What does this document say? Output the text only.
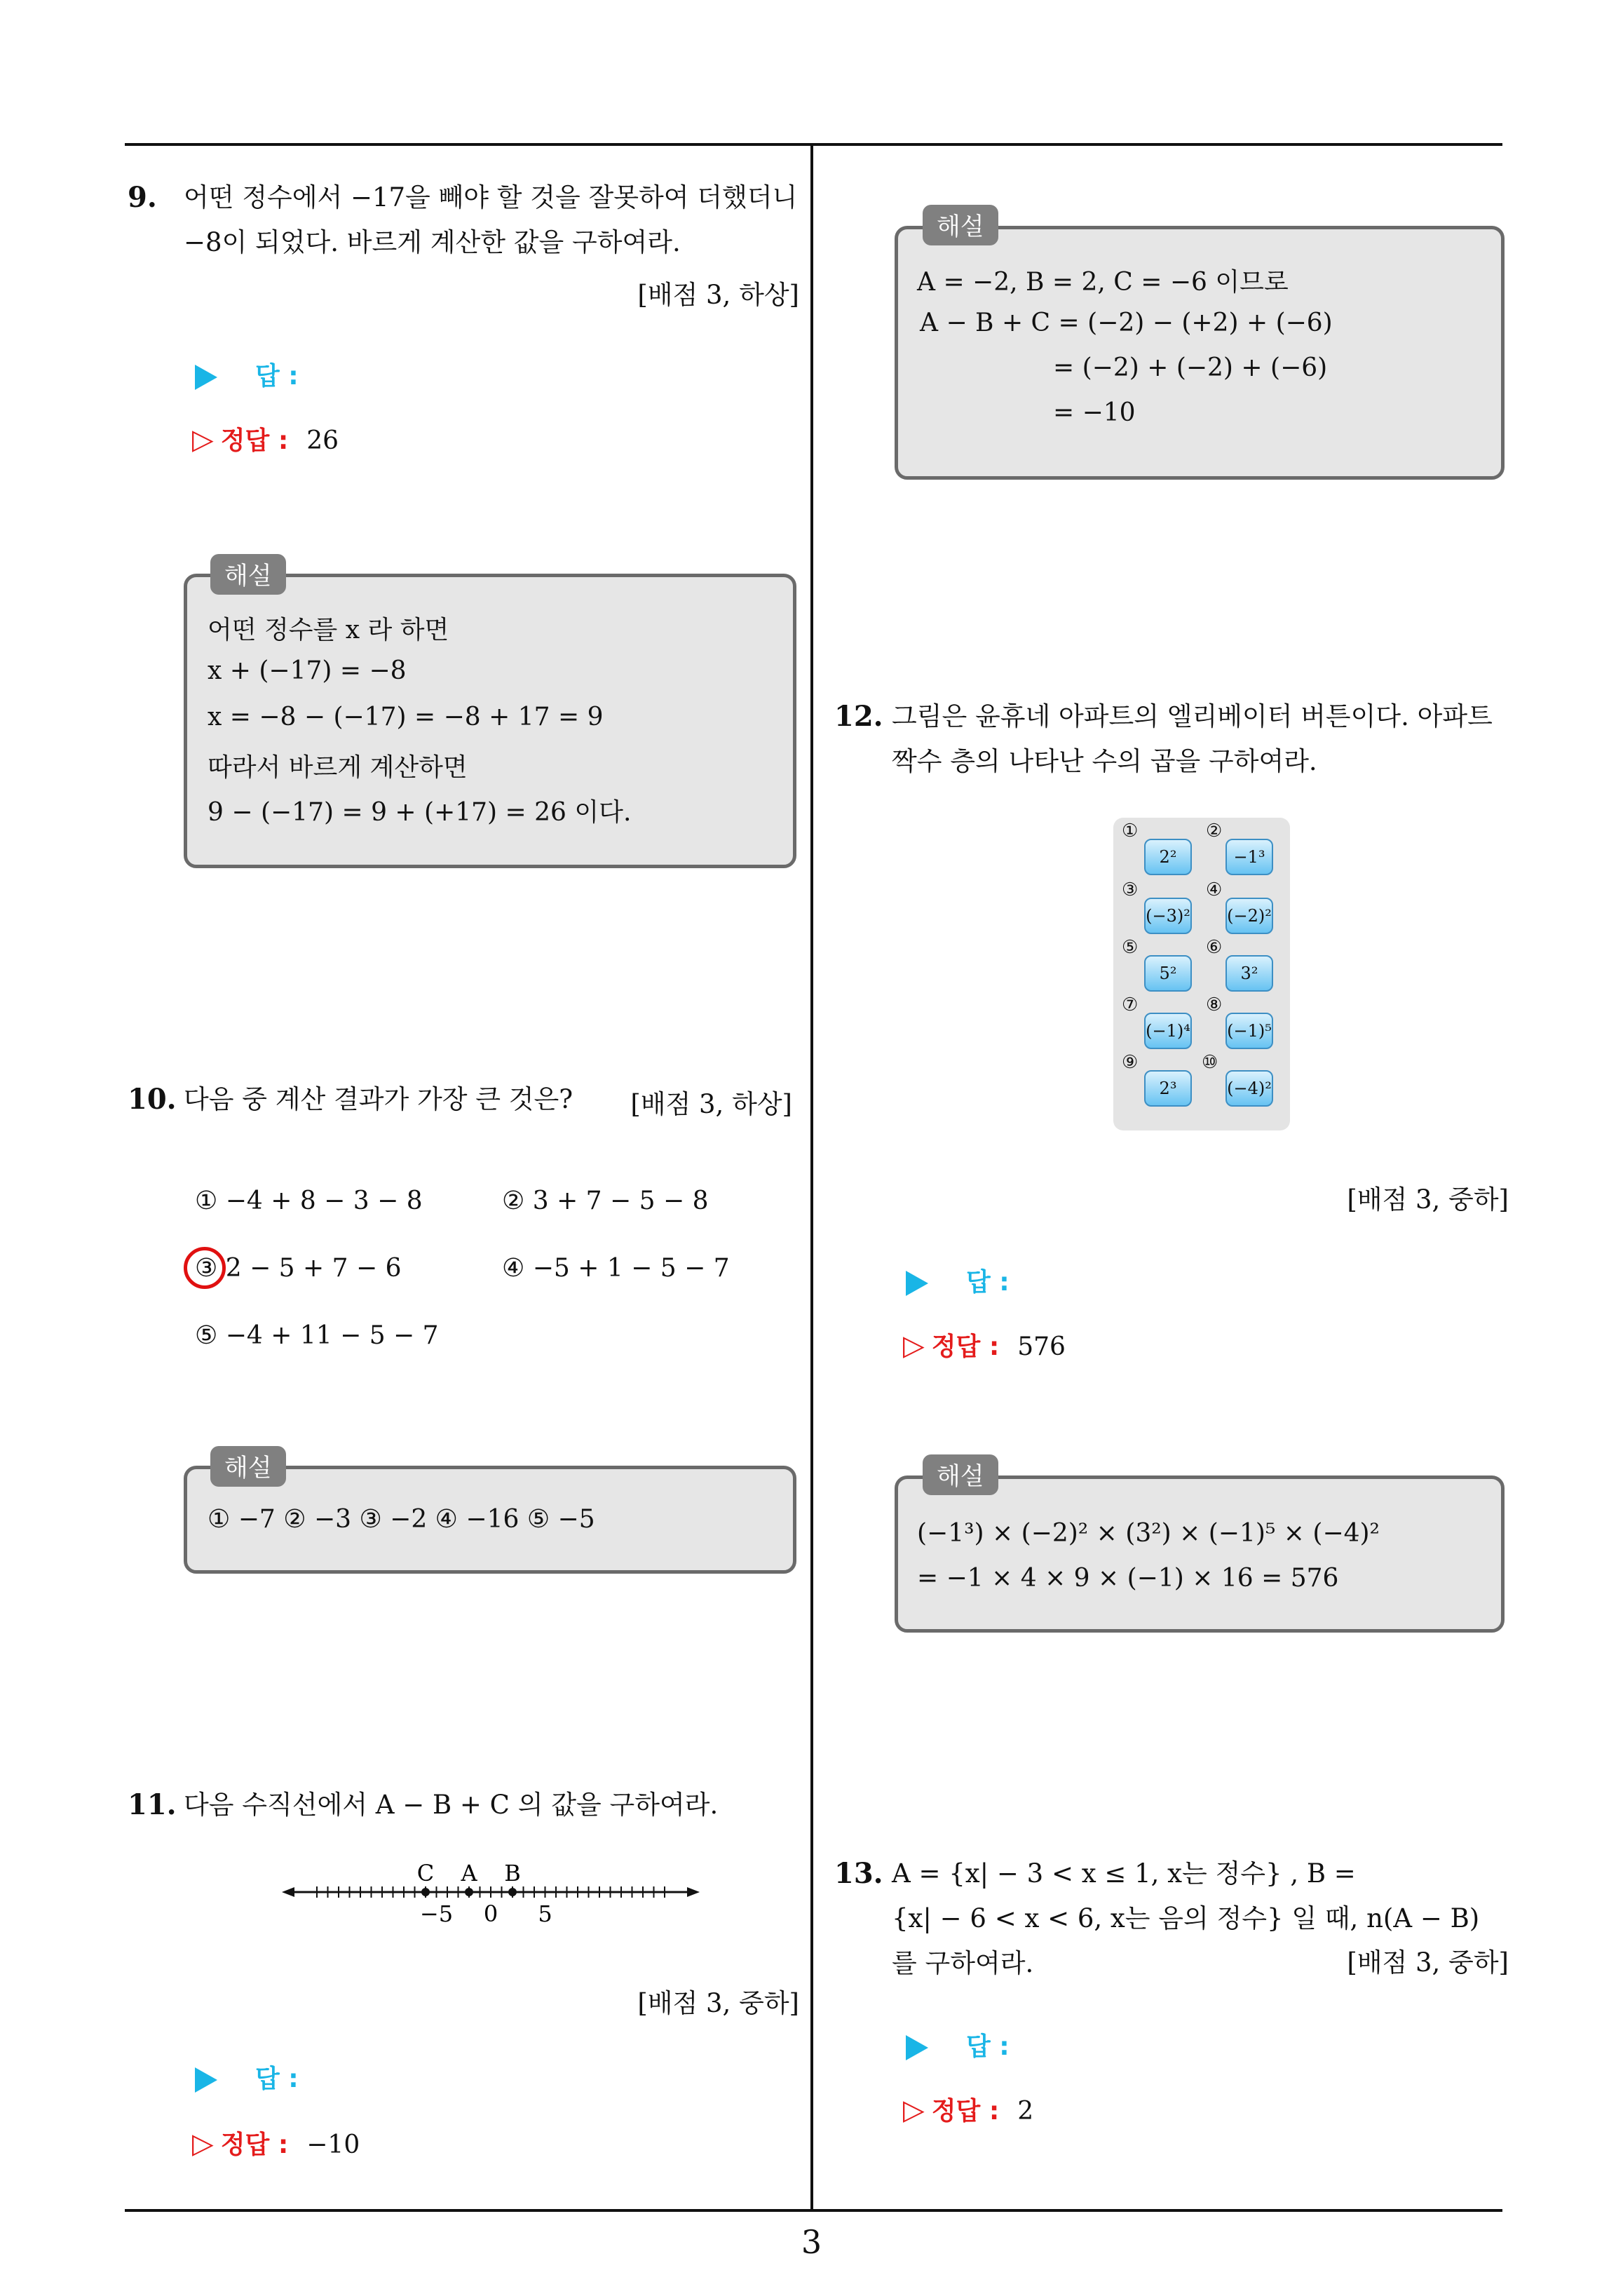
9. 어떤 정수에서 −17을 빼야 할 것을 잘못하여 더했더니

−8이 되었다. 바르게 계산한 값을 구하여라.

[배점 3, 하상]
답 :
▷ 정답 : 26
해설
어떤 정수를 x 라 하면
x + (−17) = −8
x = −8 − (−17) = −8 + 17 = 9
따라서 바르게 계산하면
9 − (−17) = 9 + (+17) = 26 이다.
10. 다음 중 계산 결과가 가장 큰 것은?	[배점 3, 하상]
① −4 + 8 − 3 − 8	② 3 + 7 − 5 − 8
③ 2 − 5 + 7 − 6	④ −5 + 1 − 5 − 7
⑤ −4 + 11 − 5 − 7
해설
① −7 ② −3 ③ −2 ④ −16 ⑤ −5
11. 다음 수직선에서 A − B + C 의 값을 구하여라.
C A B
−5 0 5
[배점 3, 중하]
답 :
▷ 정답 : −10
해설
A = −2, B = 2, C = −6 이므로
A − B + C = (−2) − (+2) + (−6)
= (−2) + (−2) + (−6)
= −10
12. 그림은 윤휴네 아파트의 엘리베이터 버튼이다. 아파트

짝수 층의 나타난 수의 곱을 구하여라.

①	②
2²	−1³
③	④
(−3)² (−2)²
⑤	⑥
5²	3²
⑦	⑧
(−1)⁴ (−1)⁵
⑨	⑩
2³	(−4)²
[배점 3, 중하]
답 :
▷ 정답 : 576
해설
(−1³) × (−2)² × (3²) × (−1)⁵ × (−4)²
= −1 × 4 × 9 × (−1) × 16 = 576
13. A = {x| − 3 < x ≤ 1, x는 정수} , B =

{x| − 6 < x < 6, x는 음의 정수} 일 때, n(A − B)

를 구하여라.	[배점 3, 중하]
답 :
▷ 정답 : 2
3
